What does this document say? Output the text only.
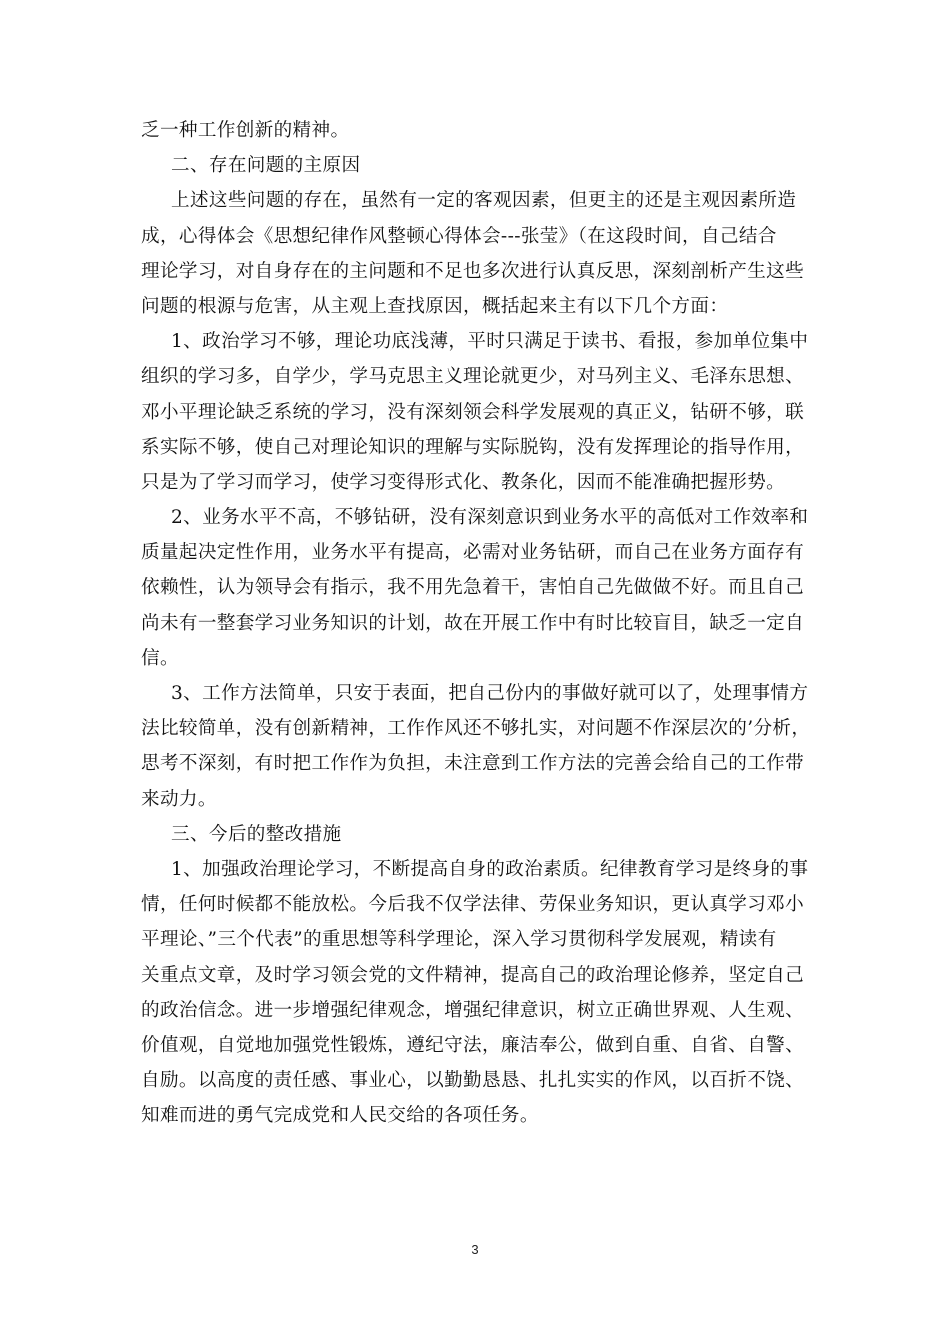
乏一种工作创新的精神。
二、存在问题的主原因
上述这些问题的存在，虽然有一定的客观因素，但更主的还是主观因素所造
成，心得体会《思想纪律作风整顿心得体会---张莹》（在这段时间，自己结合
理论学习，对自身存在的主问题和不足也多次进行认真反思，深刻剖析产生这些
问题的根源与危害，从主观上查找原因，概括起来主有以下几个方面：
1、政治学习不够，理论功底浅薄，平时只满足于读书、看报，参加单位集中
组织的学习多，自学少，学马克思主义理论就更少，对马列主义、毛泽东思想、
邓小平理论缺乏系统的学习，没有深刻领会科学发展观的真正义，钻研不够，联
系实际不够，使自己对理论知识的理解与实际脱钩，没有发挥理论的指导作用，
只是为了学习而学习，使学习变得形式化、教条化，因而不能准确把握形势。
2、业务水平不高，不够钻研，没有深刻意识到业务水平的高低对工作效率和
质量起决定性作用，业务水平有提高，必需对业务钻研，而自己在业务方面存有
依赖性，认为领导会有指示，我不用先急着干，害怕自己先做做不好。而且自己
尚未有一整套学习业务知识的计划，故在开展工作中有时比较盲目，缺乏一定自
信。
3、工作方法简单，只安于表面，把自己份内的事做好就可以了，处理事情方
法比较简单，没有创新精神，工作作风还不够扎实，对问题不作深层次的’分析，
思考不深刻，有时把工作作为负担，未注意到工作方法的完善会给自己的工作带
来动力。
三、今后的整改措施
1、加强政治理论学习，不断提高自身的政治素质。纪律教育学习是终身的事
情，任何时候都不能放松。今后我不仅学法律、劳保业务知识，更认真学习邓小
平理论、”三个代表”的重思想等科学理论，深入学习贯彻科学发展观，精读有
关重点文章，及时学习领会党的文件精神，提高自己的政治理论修养，坚定自己
的政治信念。进一步增强纪律观念，增强纪律意识，树立正确世界观、人生观、
价值观，自觉地加强党性锻炼，遵纪守法，廉洁奉公，做到自重、自省、自警、
自励。以高度的责任感、事业心，以勤勤恳恳、扎扎实实的作风，以百折不饶、
知难而进的勇气完成党和人民交给的各项任务。
3
